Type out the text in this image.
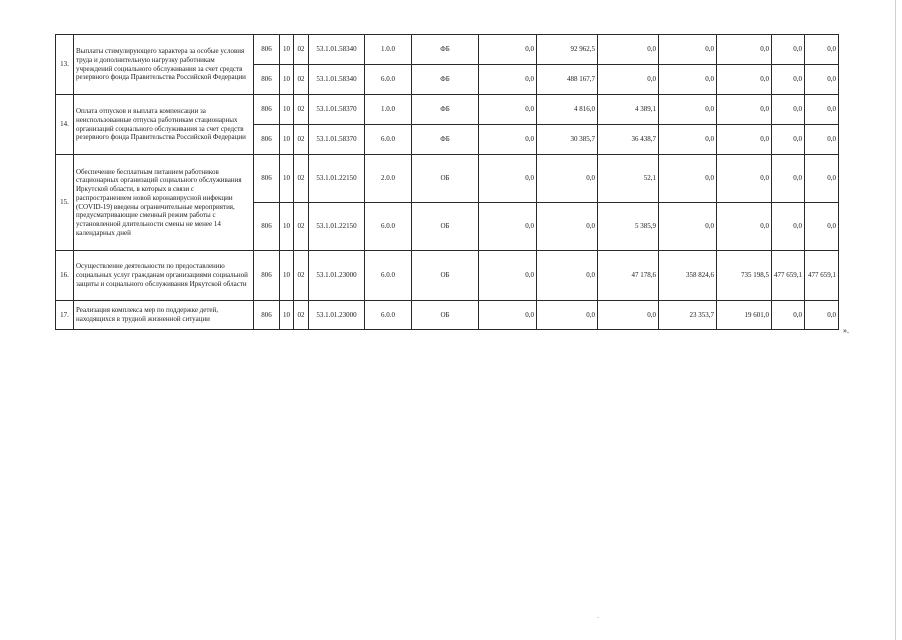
13.	Выплаты стимулирующего характера за особые условия труда и дополнительную нагрузку работникам учреждений социального обслуживания за счет средств резервного фонда Правительства Российской Федерации	806	10	02	53.1.01.58340	1.0.0	ФБ	0,0	92 962,5	0,0	0,0	0,0	0,0	0,0
		806	10	02	53.1.01.58340	6.0.0	ФБ	0,0	488 167,7	0,0	0,0	0,0	0,0	0,0
14.	Оплата отпусков и выплата компенсации за неиспользованные отпуска работникам стационарных организаций социального обслуживания за счет средств резервного фонда Правительства Российской Федерации	806	10	02	53.1.01.58370	1.0.0	ФБ	0,0	4 816,0	4 389,1	0,0	0,0	0,0	0,0
		806	10	02	53.1.01.58370	6.0.0	ФБ	0,0	30 385,7	36 438,7	0,0	0,0	0,0	0,0
15.	Обеспечение бесплатным питанием работников стационарных организаций социального обслуживания Иркутской области, в которых в связи с распространением новой коронавирусной инфекции (COVID-19) введены ограничительные мероприятия, предусматривающие сменный режим работы с установленной длительности смены не менее 14 календарных дней	806	10	02	53.1.01.22150	2.0.0	ОБ	0,0	0,0	52,1	0,0	0,0	0,0	0,0
		806	10	02	53.1.01.22150	6.0.0	ОБ	0,0	0,0	5 385,9	0,0	0,0	0,0	0,0
16.	Осуществление деятельности по предоставлению социальных услуг гражданам организациями социальной защиты и социального обслуживания Иркутской области	806	10	02	53.1.01.23000	6.0.0	ОБ	0,0	0,0	47 178,6	358 824,6	735 198,5	477 659,1	477 659,1
17.	Реализация комплекса мер по поддержке детей, находящихся в трудной жизненной ситуации	806	10	02	53.1.01.23000	6.0.0	ОБ	0,0	0,0	0,0	23 353,7	19 601,0	0,0	0,0
».
.
